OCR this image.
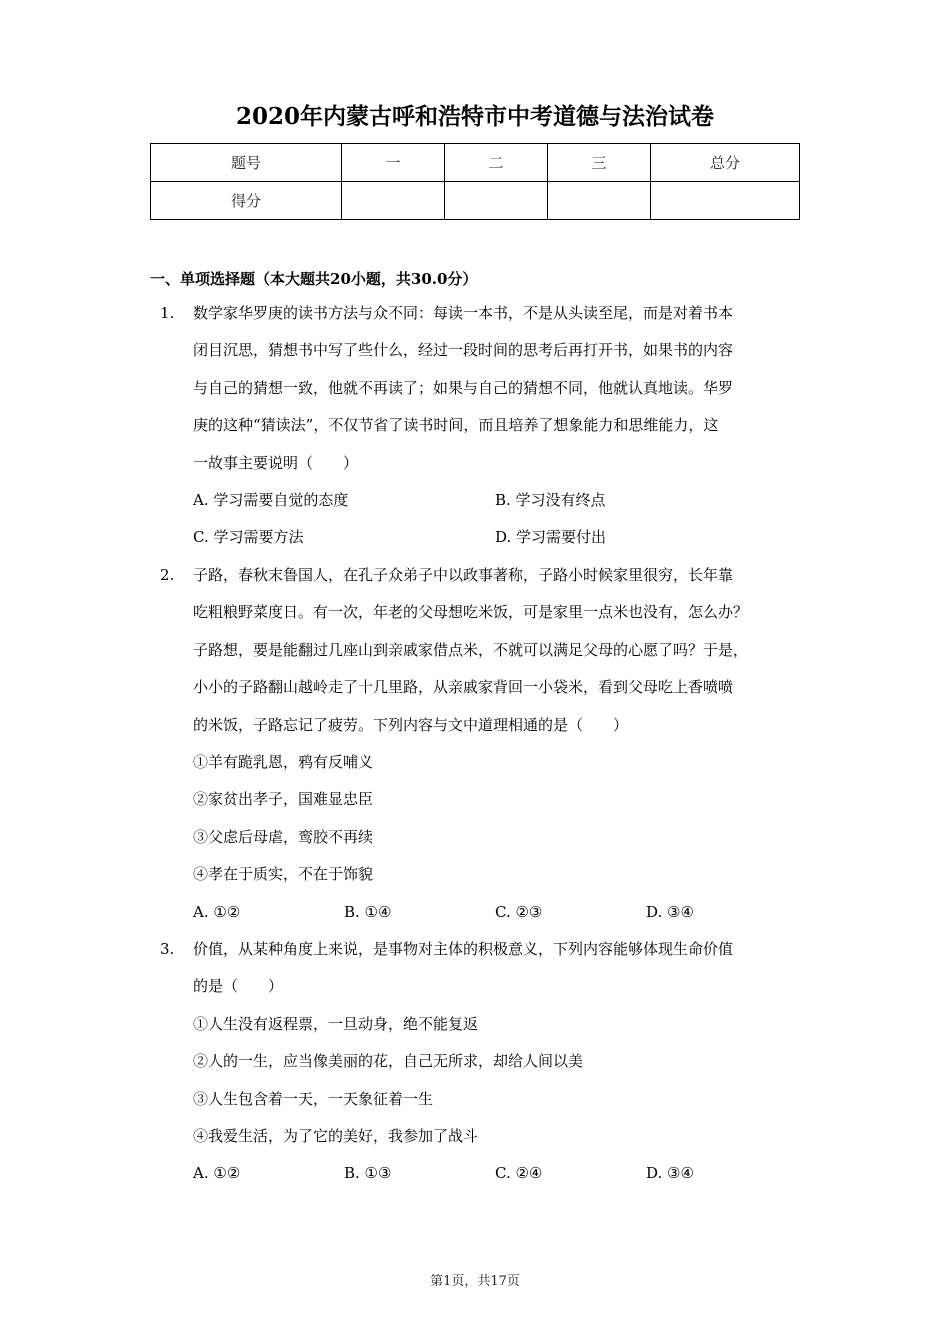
2020年内蒙古呼和浩特市中考道德与法治试卷
题号	一	二	三	总分
得分				
一、单项选择题（本大题共20小题，共30.0分）
1. 数学家华罗庚的读书方法与众不同：每读一本书，不是从头读至尾，而是对着书本
闭目沉思，猜想书中写了些什么，经过一段时间的思考后再打开书，如果书的内容
与自己的猜想一致，他就不再读了；如果与自己的猜想不同，他就认真地读。华罗
庚的这种“猜读法”，不仅节省了读书时间，而且培养了想象能力和思维能力，这
一故事主要说明（　　）
A. 学习需要自觉的态度	B. 学习没有终点
C. 学习需要方法	D. 学习需要付出
2. 子路，春秋末鲁国人，在孔子众弟子中以政事著称，子路小时候家里很穷，长年靠
吃粗粮野菜度日。有一次，年老的父母想吃米饭，可是家里一点米也没有，怎么办？
子路想，要是能翻过几座山到亲戚家借点米，不就可以满足父母的心愿了吗？于是，
小小的子路翻山越岭走了十几里路，从亲戚家背回一小袋米，看到父母吃上香喷喷
的米饭，子路忘记了疲劳。下列内容与文中道理相通的是（　　）
①羊有跪乳恩，鸦有反哺义
②家贫出孝子，国难显忠臣
③父虑后母虐，鸾胶不再续
④孝在于质实，不在于饰貌
A. ①②	B. ①④	C. ②③	D. ③④
3. 价值，从某种角度上来说，是事物对主体的积极意义，下列内容能够体现生命价值
的是（　　）
①人生没有返程票，一旦动身，绝不能复返
②人的一生，应当像美丽的花，自己无所求，却给人间以美
③人生包含着一天，一天象征着一生
④我爱生活，为了它的美好，我参加了战斗
A. ①②	B. ①③	C. ②④	D. ③④
第1页，共17页
